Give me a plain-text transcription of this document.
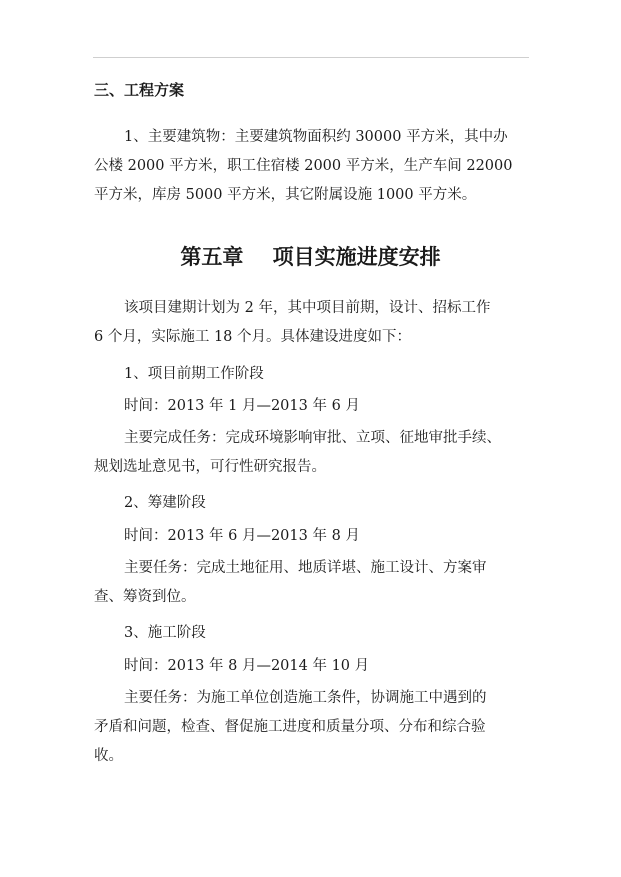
三、工程方案
1、主要建筑物：主要建筑物面积约 30000 平方米，其中办
公楼 2000 平方米，职工住宿楼 2000 平方米，生产车间 22000
平方米，库房 5000 平方米，其它附属设施 1000 平方米。
第五章    项目实施进度安排
该项目建期计划为 2 年，其中项目前期，设计、招标工作
6 个月，实际施工 18 个月。具体建设进度如下：
1、项目前期工作阶段
时间：2013 年 1 月—2013 年 6 月
主要完成任务：完成环境影响审批、立项、征地审批手续、
规划选址意见书，可行性研究报告。
2、筹建阶段
时间：2013 年 6 月—2013 年 8 月
主要任务：完成土地征用、地质详堪、施工设计、方案审
查、筹资到位。
3、施工阶段
时间：2013 年 8 月—2014 年 10 月
主要任务：为施工单位创造施工条件，协调施工中遇到的
矛盾和问题，检查、督促施工进度和质量分项、分布和综合验
收。
